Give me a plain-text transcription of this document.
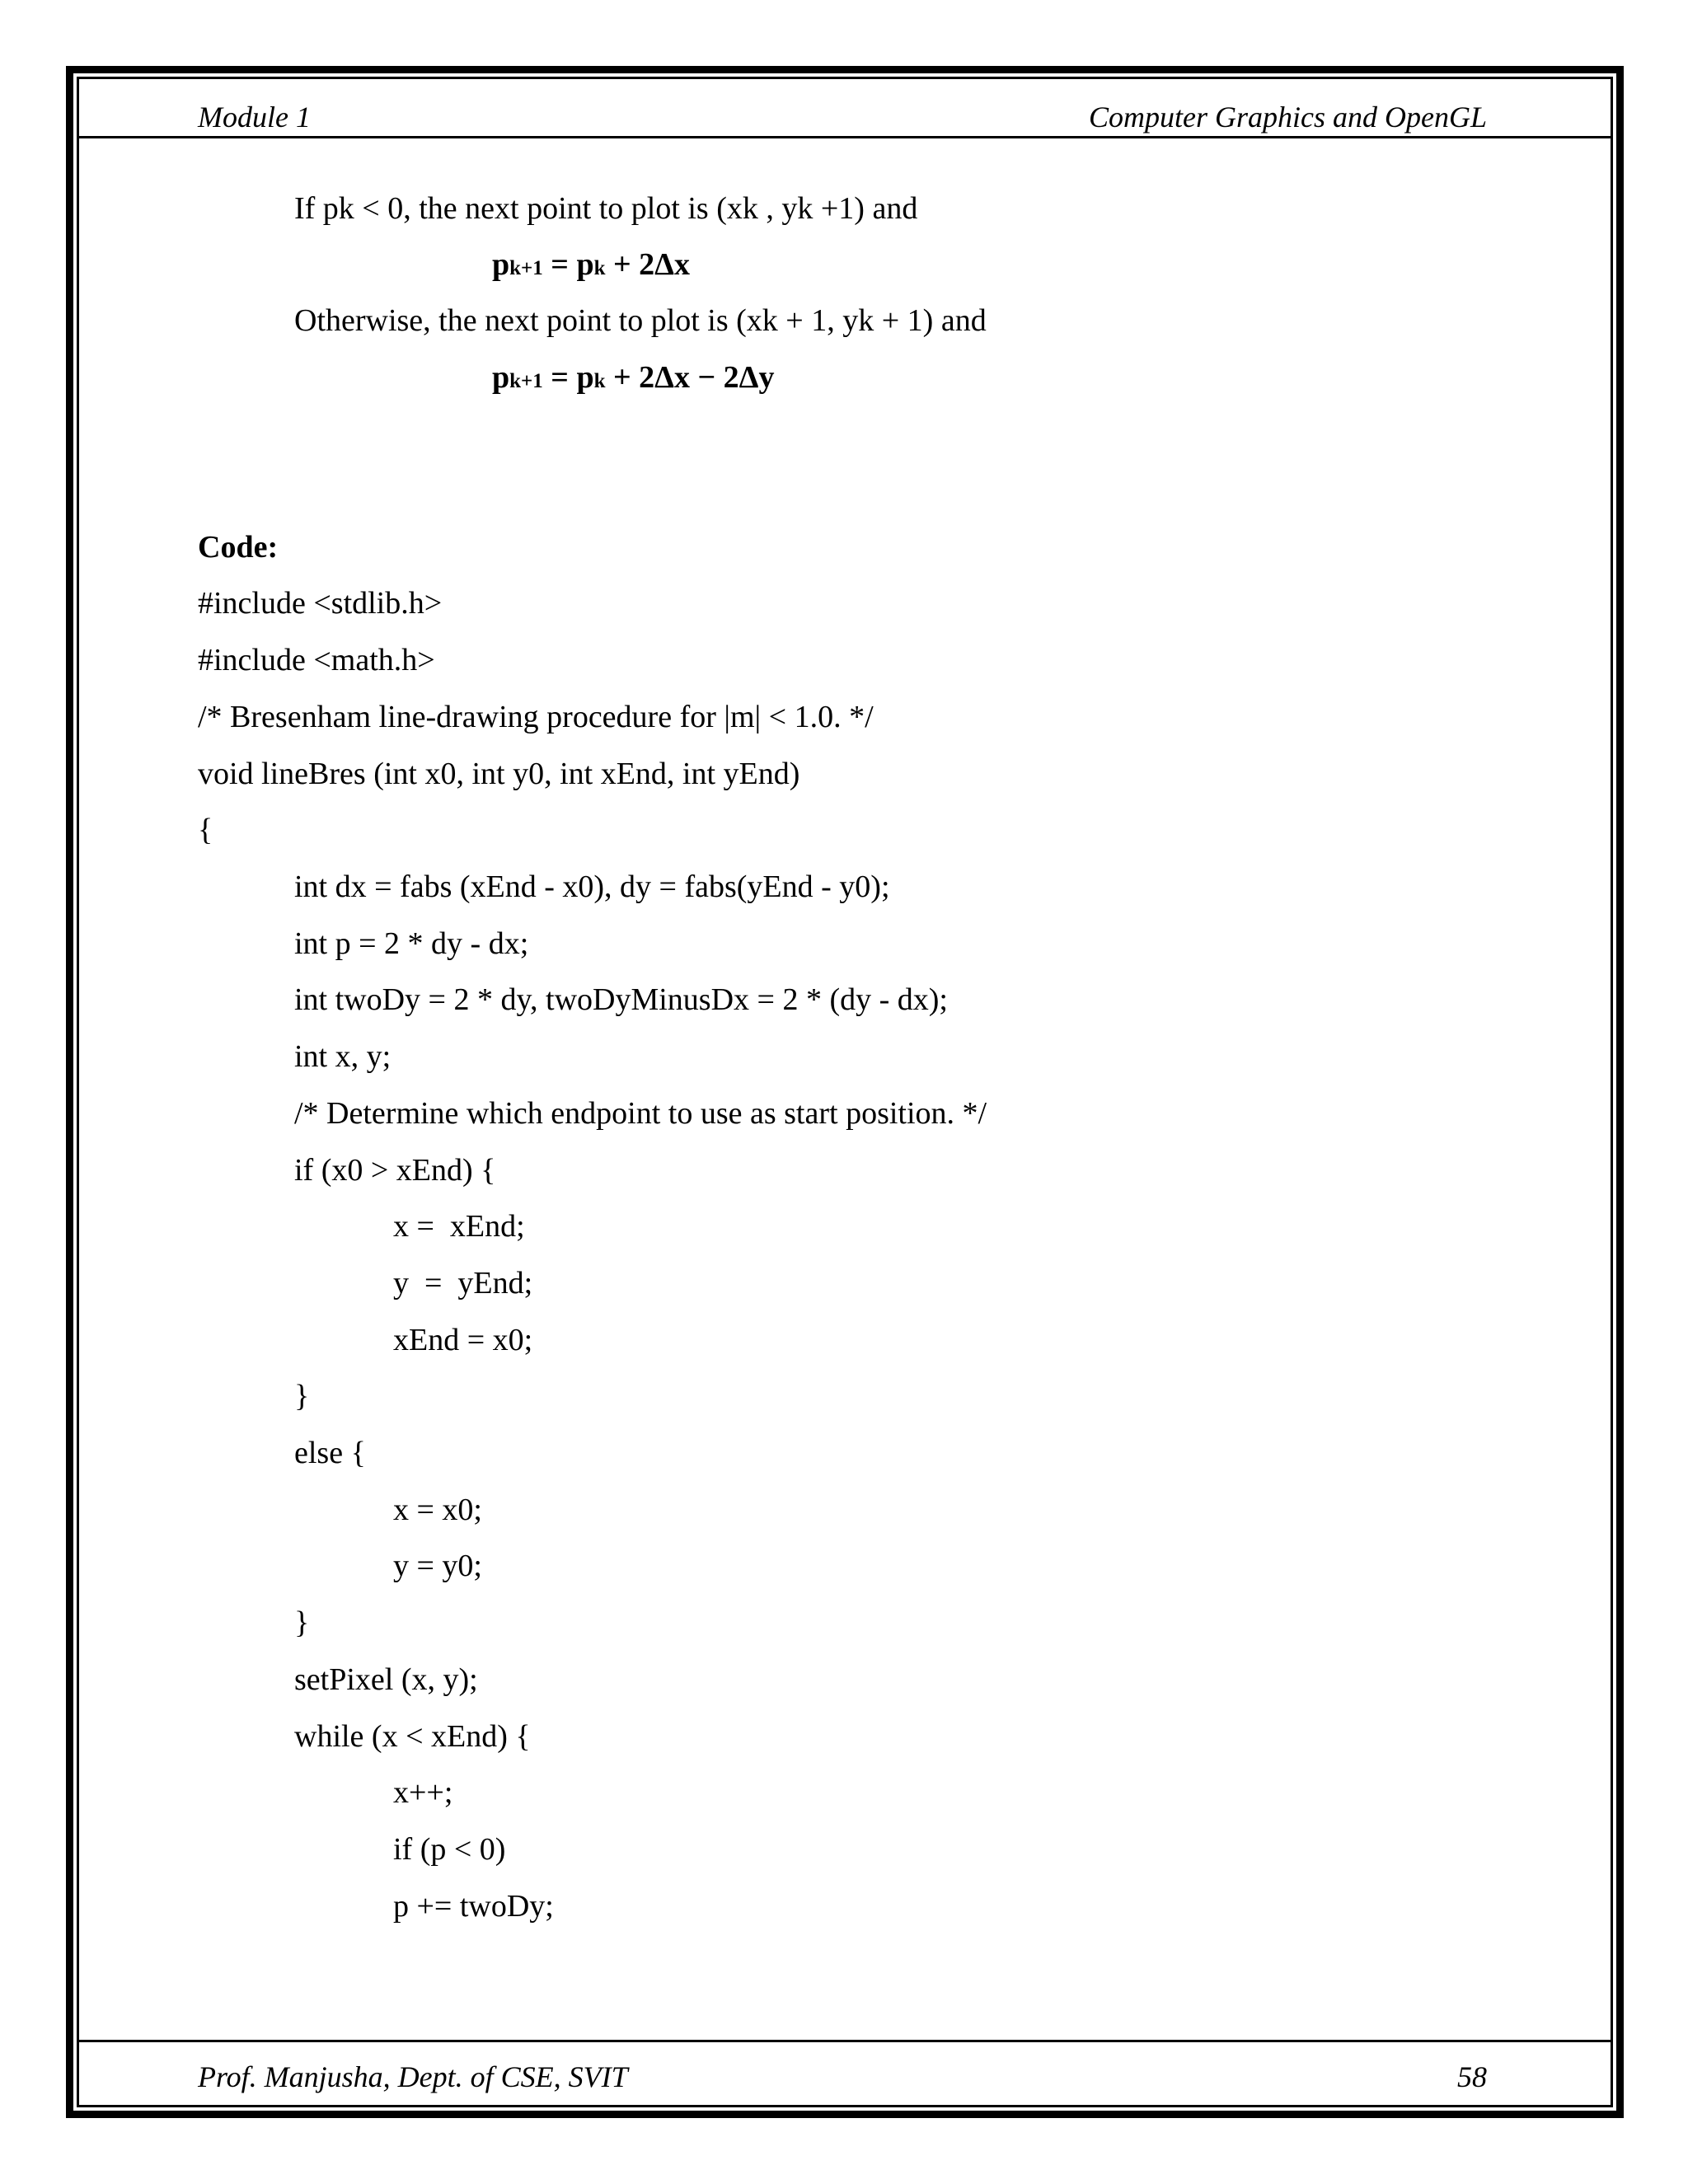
Module 1	Computer Graphics and OpenGL
If pk < 0, the next point to plot is (xk , yk +1) and
pk+1 = pk + 2Δx
Otherwise, the next point to plot is (xk + 1, yk + 1) and
pk+1 = pk + 2Δx − 2Δy
Code:
#include <stdlib.h>
#include <math.h>
/* Bresenham line-drawing procedure for |m| < 1.0. */
void lineBres (int x0, int y0, int xEnd, int yEnd)
{
int dx = fabs (xEnd - x0), dy = fabs(yEnd - y0);
int p = 2 * dy - dx;
int twoDy = 2 * dy, twoDyMinusDx = 2 * (dy - dx);
int x, y;
/* Determine which endpoint to use as start position. */
if (x0 > xEnd) {
x =  xEnd;
y  =  yEnd;
xEnd = x0;
}
else {
x = x0;
y = y0;
}
setPixel (x, y);
while (x < xEnd) {
x++;
if (p < 0)
p += twoDy;
Prof. Manjusha, Dept. of CSE, SVIT	58
